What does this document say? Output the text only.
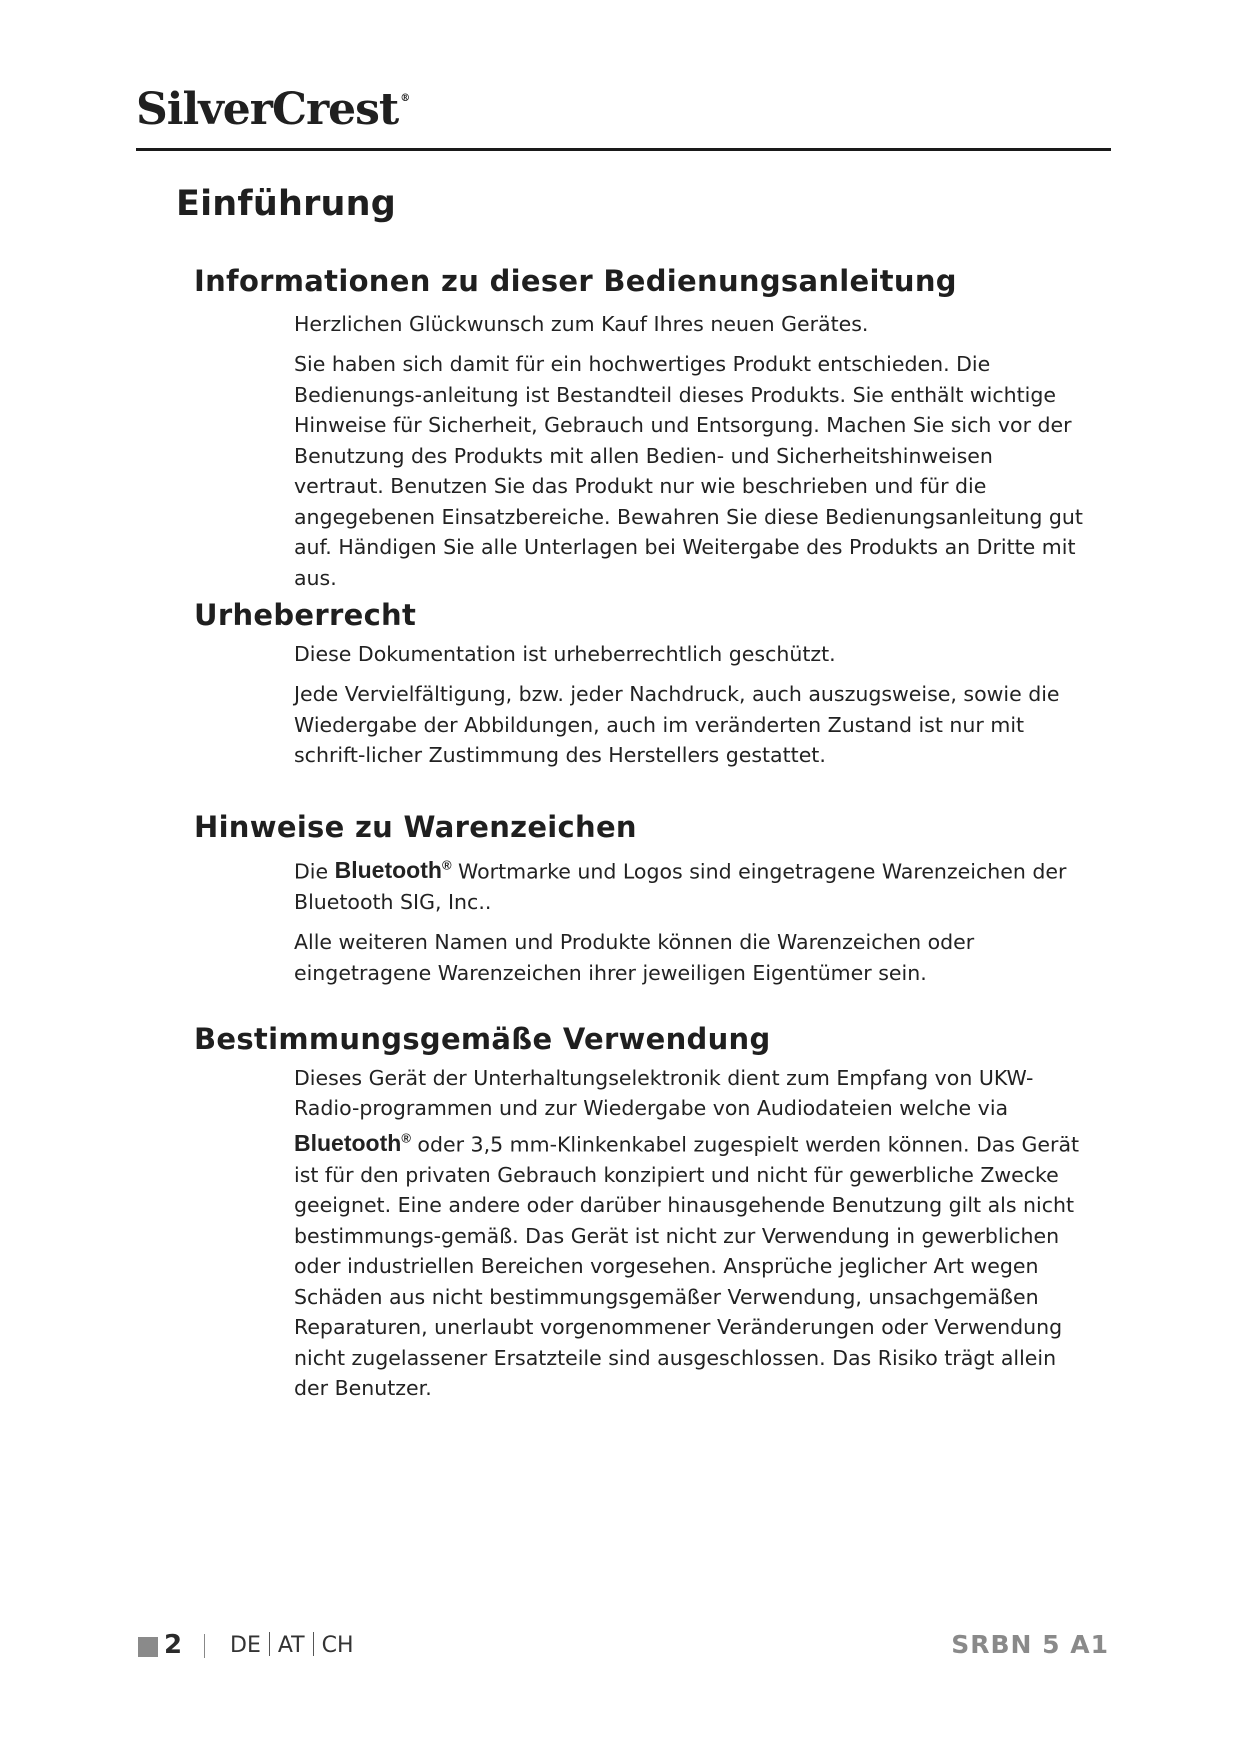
SilverCrest ®
Einführung
Informationen zu dieser Bedienungsanleitung

Herzlichen Glückwunsch zum Kauf Ihres neuen Gerätes.

Sie haben sich damit für ein hochwertiges Produkt entschieden. Die Bedienungs-anleitung ist Bestandteil dieses Produkts. Sie enthält wichtige Hinweise für Sicherheit, Gebrauch und Entsorgung. Machen Sie sich vor der Benutzung des Produkts mit allen Bedien- und Sicherheitshinweisen vertraut. Benutzen Sie das Produkt nur wie beschrieben und für die angegebenen Einsatzbereiche. Bewahren Sie diese Bedienungsanleitung gut auf. Händigen Sie alle Unterlagen bei Weitergabe des Produkts an Dritte mit aus.

Urheberrecht

Diese Dokumentation ist urheberrechtlich geschützt.

Jede Vervielfältigung, bzw. jeder Nachdruck, auch auszugsweise, sowie die Wiedergabe der Abbildungen, auch im veränderten Zustand ist nur mit schrift-licher Zustimmung des Herstellers gestattet.

Hinweise zu Warenzeichen

Die Bluetooth® Wortmarke und Logos sind eingetragene Warenzeichen der Bluetooth SIG, Inc..

Alle weiteren Namen und Produkte können die Warenzeichen oder eingetragene Warenzeichen ihrer jeweiligen Eigentümer sein.

Bestimmungsgemäße Verwendung

Dieses Gerät der Unterhaltungselektronik dient zum Empfang von UKW-Radio-programmen und zur Wiedergabe von Audiodateien welche via Bluetooth® oder 3,5 mm-Klinkenkabel zugespielt werden können. Das Gerät ist für den privaten Gebrauch konzipiert und nicht für gewerbliche Zwecke geeignet. Eine andere oder darüber hinausgehende Benutzung gilt als nicht bestimmungs-gemäß. Das Gerät ist nicht zur Verwendung in gewerblichen oder industriellen Bereichen vorgesehen. Ansprüche jeglicher Art wegen Schäden aus nicht bestimmungsgemäßer Verwendung, unsachgemäßen Reparaturen, unerlaubt vorgenommener Veränderungen oder Verwendung nicht zugelassener Ersatzteile sind ausgeschlossen. Das Risiko trägt allein der Benutzer.

2 DE AT CH	SRBN 5 A1
